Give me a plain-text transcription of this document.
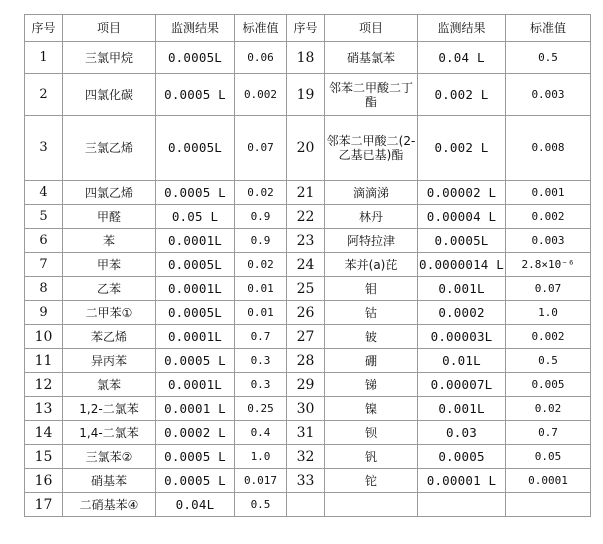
序号	项目	监测结果	标准值	序号	项目	监测结果	标准值
1	三氯甲烷	0.0005L	0.06	18	硝基氯苯	0.04 L	0.5
2	四氯化碳	0.0005 L	0.002	19	邻苯二甲酸二丁酯	0.002 L	0.003
3	三氯乙烯	0.0005L	0.07	20	邻苯二甲酸二(2-乙基已基)酯	0.002 L	0.008
4	四氯乙烯	0.0005 L	0.02	21	滴滴涕	0.00002 L	0.001
5	甲醛	0.05 L	0.9	22	林丹	0.00004 L	0.002
6	苯	0.0001L	0.9	23	阿特拉津	0.0005L	0.003
7	甲苯	0.0005L	0.02	24	苯并(a)芘	0.0000014 L	2.8×10⁻⁶
8	乙苯	0.0001L	0.01	25	钼	0.001L	0.07
9	二甲苯①	0.0005L	0.01	26	钴	0.0002	1.0
10	苯乙烯	0.0001L	0.7	27	铍	0.00003L	0.002
11	异丙苯	0.0005 L	0.3	28	硼	0.01L	0.5
12	氯苯	0.0001L	0.3	29	锑	0.00007L	0.005
13	1,2-二氯苯	0.0001 L	0.25	30	镍	0.001L	0.02
14	1,4-二氯苯	0.0002 L	0.4	31	钡	0.03	0.7
15	三氯苯②	0.0005 L	1.0	32	钒	0.0005	0.05
16	硝基苯	0.0005 L	0.017	33	铊	0.00001 L	0.0001
17	二硝基苯④	0.04L	0.5				
